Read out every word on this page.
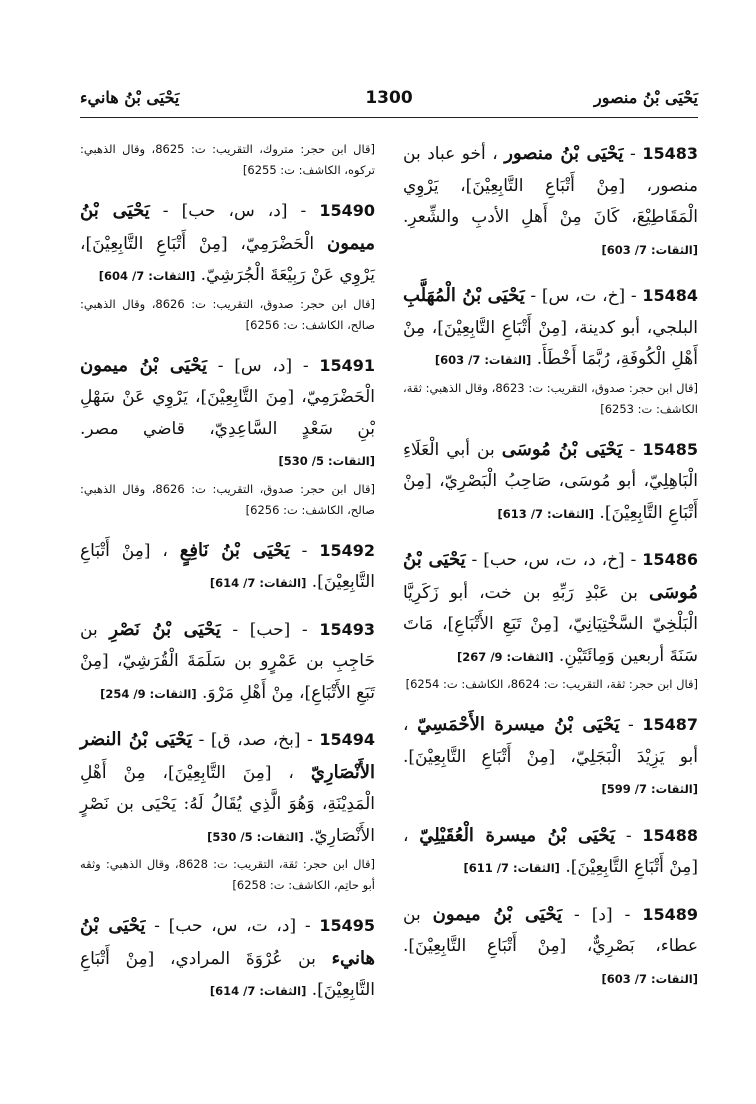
يَحْيَى بْنُ منصور
1300
يَحْيَى بْنُ هانيء
15483 - يَحْيَى بْنُ منصور ، أخو عباد بن منصور، [مِنْ أَتْبَاعِ التَّابِعِيْنَ]، يَرْوِي الْمَقَاطِيْعَ، كَانَ مِنْ أَهلِ الأدبِ والشِّعرِ. [الثقات: 7/ 603]
15484 - [خ، ت، س] - يَحْيَى بْنُ الْمُهَلَّبِ البلجي، أبو كدينة، [مِنْ أَتْبَاعِ التَّابِعِيْنَ]، مِنْ أَهْلِ الْكُوفَةِ، رُبَّمَا أَخْطَأَ. [الثقات: 7/ 603]
[قال ابن حجر: صدوق، التقريب: ت: 8623، وقال الذهبي: ثقة، الكاشف: ت: 6253]
15485 - يَحْيَى بْنُ مُوسَى بن أبي الْعَلَاءِ الْبَاهِلِيّ، أبو مُوسَى، صَاحِبُ الْبَصْرِيّ، [مِنْ أَتْبَاعِ التَّابِعِيْنَ]. [الثقات: 7/ 613]
15486 - [خ، د، ت، س، حب] - يَحْيَى بْنُ مُوسَى بن عَبْدِ رَبِّهِ بن خت، أبو زَكَرِيَّا الْبَلْخِيّ السَّخْتِيَانِيّ، [مِنْ تَبَعِ الأَتْبَاعِ]، مَاتَ سَنَةَ أربعين وَمِائَتَيْنِ. [الثقات: 9/ 267]
[قال ابن حجر: ثقة، التقريب: ت: 8624، الكاشف: ت: 6254]
15487 - يَحْيَى بْنُ ميسرة الأَحْمَسِيّ ، أبو يَزِيْدَ الْبَجَلِيّ، [مِنْ أَتْبَاعِ التَّابِعِيْنَ]. [الثقات: 7/ 599]
15488 - يَحْيَى بْنُ ميسرة الْعُقَيْلِيّ ، [مِنْ أَتْبَاعِ التَّابِعِيْنَ]. [الثقات: 7/ 611]
15489 - [د] - يَحْيَى بْنُ ميمون بن عطاء، بَصْرِيٌّ، [مِنْ أَتْبَاعِ التَّابِعِيْنَ]. [الثقات: 7/ 603]
[قال ابن حجر: متروك، التقريب: ت: 8625، وقال الذهبي: تركوه، الكاشف: ت: 6255]
15490 - [د، س، حب] - يَحْيَى بْنُ ميمون الْحَضْرَمِيّ، [مِنْ أَتْبَاعِ التَّابِعِيْنَ]، يَرْوِي عَنْ رَبِيْعَةَ الْجُرَشِيّ. [الثقات: 7/ 604]
[قال ابن حجر: صدوق، التقريب: ت: 8626، وقال الذهبي: صالح، الكاشف: ت: 6256]
15491 - [د، س] - يَحْيَى بْنُ ميمون الْحَضْرَمِيّ، [مِنَ التَّابِعِيْنَ]، يَرْوِي عَنْ سَهْلِ بْنِ سَعْدٍ السَّاعِدِيّ، قاضي مصر. [الثقات: 5/ 530]
[قال ابن حجر: صدوق، التقريب: ت: 8626، وقال الذهبي: صالح، الكاشف: ت: 6256]
15492 - يَحْيَى بْنُ نَافِعٍ ، [مِنْ أَتْبَاعِ التَّابِعِيْنَ]. [الثقات: 7/ 614]
15493 - [حب] - يَحْيَى بْنُ نَصْرِ بن حَاجِبِ بن عَمْرٍو بن سَلَمَةَ الْقُرَشِيّ، [مِنْ تَبَعِ الأَتْبَاعِ]، مِنْ أَهْلِ مَرْوَ. [الثقات: 9/ 254]
15494 - [بخ، صد، ق] - يَحْيَى بْنُ النضر الأَنْصَارِيّ ، [مِنَ التَّابِعِيْنَ]، مِنْ أَهْلِ الْمَدِيْنَةِ، وَهُوَ الَّذِي يُقَالُ لَهُ: يَحْيَى بن نَصْرٍ الأَنْصَارِيّ. [الثقات: 5/ 530]
[قال ابن حجر: ثقة، التقريب: ت: 8628، وقال الذهبي: وثقه أبو حاتِم، الكاشف: ت: 6258]
15495 - [د، ت، س، حب] - يَحْيَى بْنُ هانيء بن عُرْوَةَ المرادي، [مِنْ أَتْبَاعِ التَّابِعِيْنَ]. [الثقات: 7/ 614]
